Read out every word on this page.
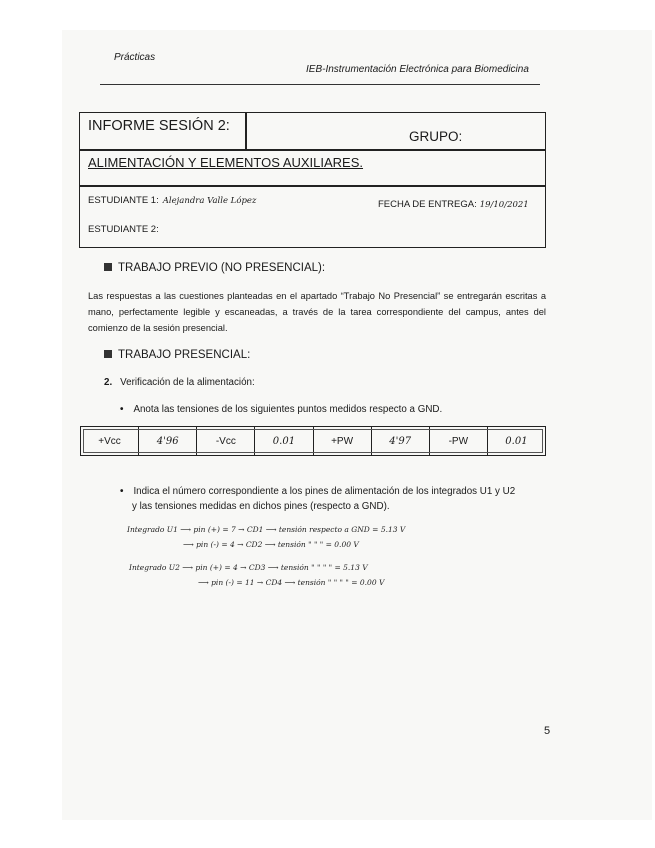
Prácticas
IEB-Instrumentación Electrónica para Biomedicina
INFORME SESIÓN 2:
GRUPO:
ALIMENTACIÓN Y ELEMENTOS AUXILIARES.
ESTUDIANTE 1: Alejandra Valle López	FECHA DE ENTREGA: 19/10/2021
ESTUDIANTE 2:
TRABAJO PREVIO (NO PRESENCIAL):
Las respuestas a las cuestiones planteadas en el apartado “Trabajo No Presencial” se entregarán escritas a mano, perfectamente legible y escaneadas, a través de la tarea correspondiente del campus, antes del comienzo de la sesión presencial.
TRABAJO PRESENCIAL:
2. Verificación de la alimentación:
• Anota las tensiones de los siguientes puntos medidos respecto a GND.
+Vcc	4'96	-Vcc	0.01	+PW	4'97	-PW	0.01
• Indica el número correspondiente a los pines de alimentación de los integrados U1 y U2
y las tensiones medidas en dichos pines (respecto a GND).
Integrado U1 ⟶ pin (+) = 7 → CD1 ⟶ tensión respecto a GND = 5.13 V
⟶ pin (-) = 4 → CD2 ⟶ tensión " " " = 0.00 V
Integrado U2 ⟶ pin (+) = 4 → CD3 ⟶ tensión " " " " = 5.13 V
⟶ pin (-) = 11 → CD4 ⟶ tensión " " " " = 0.00 V
5
